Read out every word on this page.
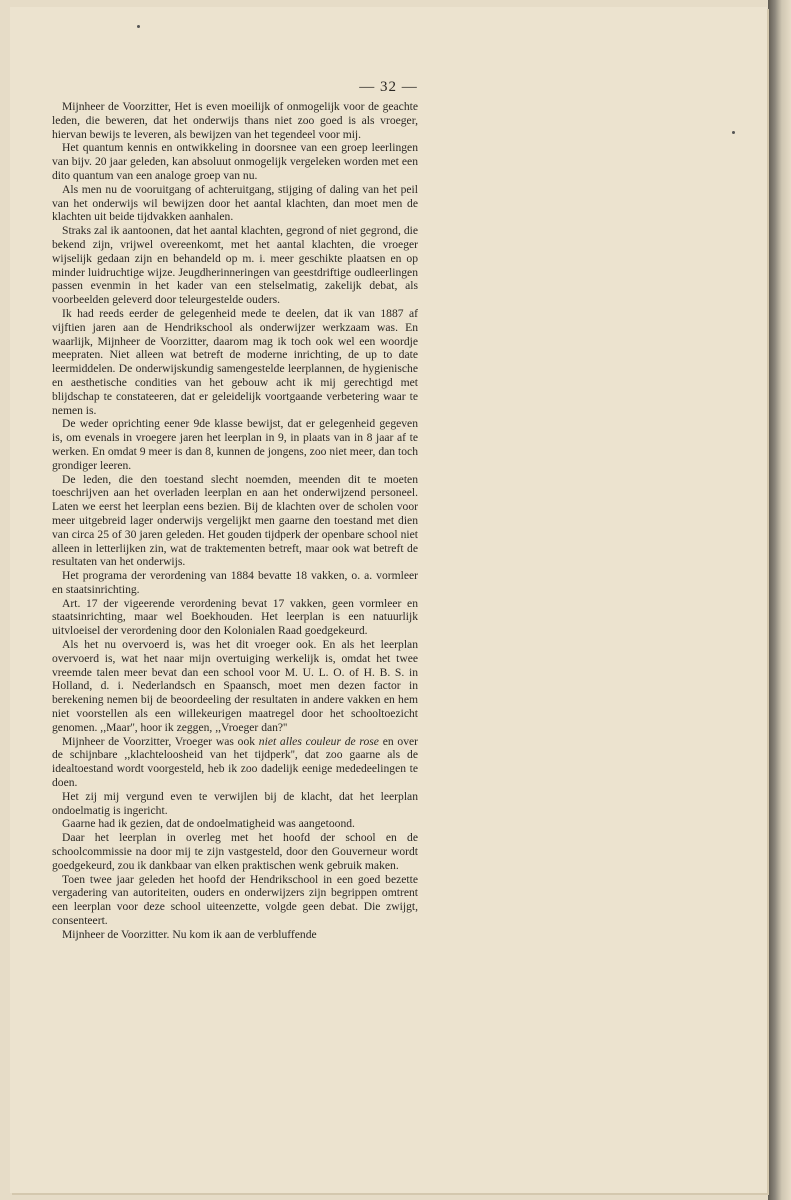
— 32 —

Mijnheer de Voorzitter, Het is even moeilijk of onmogelijk voor de geachte leden, die beweren, dat het onderwijs thans niet zoo goed is als vroeger, hiervan bewijs te leveren, als bewijzen van het tegendeel voor mij.

Het quantum kennis en ontwikkeling in doorsnee van een groep leerlingen van bijv. 20 jaar geleden, kan absoluut onmogelijk vergeleken worden met een dito quantum van een analoge groep van nu.

Als men nu de vooruitgang of achteruitgang, stijging of daling van het peil van het onderwijs wil bewijzen door het aantal klachten, dan moet men de klachten uit beide tijdvakken aanhalen.

Straks zal ik aantoonen, dat het aantal klachten, gegrond of niet gegrond, die bekend zijn, vrijwel overeenkomt, met het aantal klachten, die vroeger wijselijk gedaan zijn en behandeld op m. i. meer geschikte plaatsen en op minder luidruchtige wijze. Jeugdherinneringen van geestdriftige oudleerlingen passen evenmin in het kader van een stelselmatig, zakelijk debat, als voorbeelden geleverd door teleurgestelde ouders.

Ik had reeds eerder de gelegenheid mede te deelen, dat ik van 1887 af vijftien jaren aan de Hendrikschool als onderwijzer werkzaam was. En waarlijk, Mijnheer de Voorzitter, daarom mag ik toch ook wel een woordje meepraten. Niet alleen wat betreft de moderne inrichting, de up to date leermiddelen. De onderwijskundig samengestelde leerplannen, de hygienische en aesthetische condities van het gebouw acht ik mij gerechtigd met blijdschap te constateeren, dat er geleidelijk voortgaande verbetering waar te nemen is.

De weder oprichting eener 9de klasse bewijst, dat er gelegenheid gegeven is, om evenals in vroegere jaren het leerplan in 9, in plaats van in 8 jaar af te werken. En omdat 9 meer is dan 8, kunnen de jongens, zoo niet meer, dan toch grondiger leeren.

De leden, die den toestand slecht noemden, meenden dit te moeten toeschrijven aan het overladen leerplan en aan het onderwijzend personeel. Laten we eerst het leerplan eens bezien. Bij de klachten over de scholen voor meer uitgebreid lager onderwijs vergelijkt men gaarne den toestand met dien van circa 25 of 30 jaren geleden. Het gouden tijdperk der openbare school niet alleen in letterlijken zin, wat de traktementen betreft, maar ook wat betreft de resultaten van het onderwijs.

Het programa der verordening van 1884 bevatte 18 vakken, o. a. vormleer en staatsinrichting.

Art. 17 der vigeerende verordening bevat 17 vakken, geen vormleer en staatsinrichting, maar wel Boekhouden. Het leerplan is een natuurlijk uitvloeisel der verordening door den Kolonialen Raad goedgekeurd.

Als het nu overvoerd is, was het dit vroeger ook. En als het leerplan overvoerd is, wat het naar mijn overtuiging werkelijk is, omdat het twee vreemde talen meer bevat dan een school voor M. U. L. O. of H. B. S. in Holland, d. i. Nederlandsch en Spaansch, moet men dezen factor in berekening nemen bij de beoordeeling der resultaten in andere vakken en hem niet voorstellen als een willekeurigen maatregel door het schooltoezicht genomen. ,,Maar'', hoor ik zeggen, ,,Vroeger dan?''

Mijnheer de Voorzitter, Vroeger was ook niet alles couleur de rose en over de schijnbare ,,klachteloosheid van het tijdperk'', dat zoo gaarne als de idealtoestand wordt voorgesteld, heb ik zoo dadelijk eenige mededeelingen te doen.

Het zij mij vergund even te verwijlen bij de klacht, dat het leerplan ondoelmatig is ingericht.

Gaarne had ik gezien, dat de ondoelmatigheid was aangetoond.

Daar het leerplan in overleg met het hoofd der school en de schoolcommissie na door mij te zijn vastgesteld, door den Gouverneur wordt goedgekeurd, zou ik dankbaar van elken praktischen wenk gebruik maken.

Toen twee jaar geleden het hoofd der Hendrikschool in een goed bezette vergadering van autoriteiten, ouders en onderwijzers zijn begrippen omtrent een leerplan voor deze school uiteenzette, volgde geen debat. Die zwijgt, consenteert.

Mijnheer de Voorzitter. Nu kom ik aan de verbluffende
